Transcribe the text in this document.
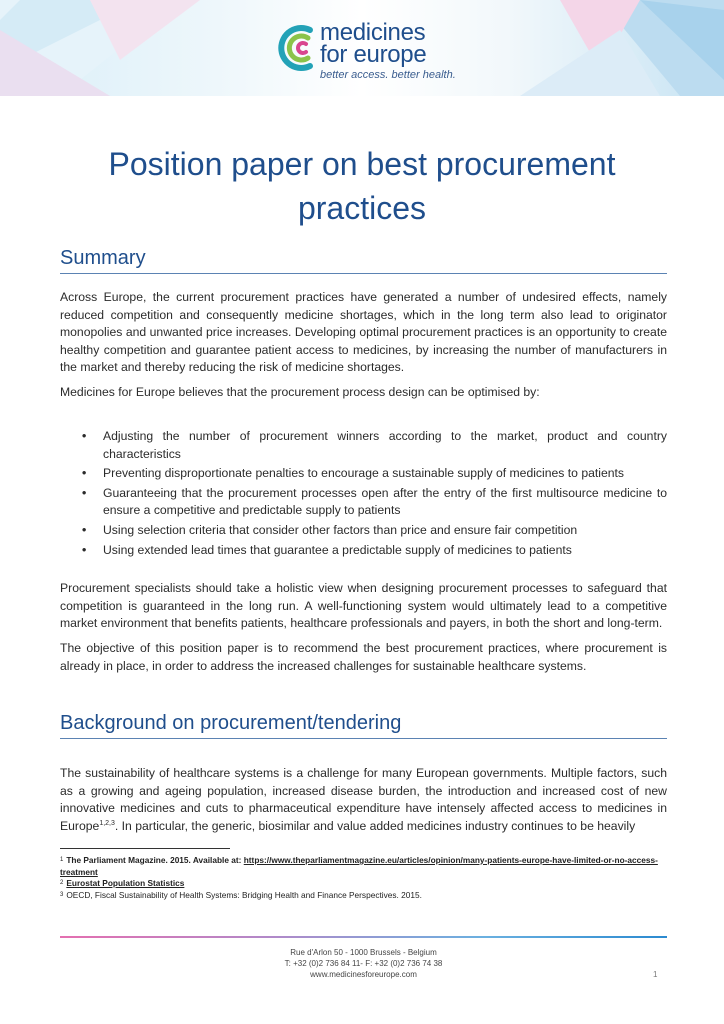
medicines
for europe
better access. better health.
Position paper on best procurement practices
Summary

Across Europe, the current procurement practices have generated a number of undesired effects, namely reduced competition and consequently medicine shortages, which in the long term also lead to originator monopolies and unwanted price increases. Developing optimal procurement practices is an opportunity to create healthy competition and guarantee patient access to medicines, by increasing the number of manufacturers in the market and thereby reducing the risk of medicine shortages.

Medicines for Europe believes that the procurement process design can be optimised by:

• Adjusting the number of procurement winners according to the market, product and country characteristics
• Preventing disproportionate penalties to encourage a sustainable supply of medicines to patients
• Guaranteeing that the procurement processes open after the entry of the first multisource medicine to ensure a competitive and predictable supply to patients
• Using selection criteria that consider other factors than price and ensure fair competition
• Using extended lead times that guarantee a predictable supply of medicines to patients

Procurement specialists should take a holistic view when designing procurement processes to safeguard that competition is guaranteed in the long run. A well-functioning system would ultimately lead to a competitive market environment that benefits patients, healthcare professionals and payers, in both the short and long-term.

The objective of this position paper is to recommend the best procurement practices, where procurement is already in place, in order to address the increased challenges for sustainable healthcare systems.

Background on procurement/tendering

The sustainability of healthcare systems is a challenge for many European governments. Multiple factors, such as a growing and ageing population, increased disease burden, the introduction and increased cost of new innovative medicines and cuts to pharmaceutical expenditure have intensely affected access to medicines in Europe$^{1,2,3}$. In particular, the generic, biosimilar and value added medicines industry continues to be heavily

$^1$ The Parliament Magazine. 2015. Available at: https://www.theparliamentmagazine.eu/articles/opinion/many-patients-europe-have-limited-or-no-access-treatment
$^2$ Eurostat Population Statistics
$^3$ OECD, Fiscal Sustainability of Health Systems: Bridging Health and Finance Perspectives. 2015.
Rue d'Arlon 50 - 1000 Brussels - Belgium
T: +32 (0)2 736 84 11- F: +32 (0)2 736 74 38
www.medicinesforeurope.com	1
